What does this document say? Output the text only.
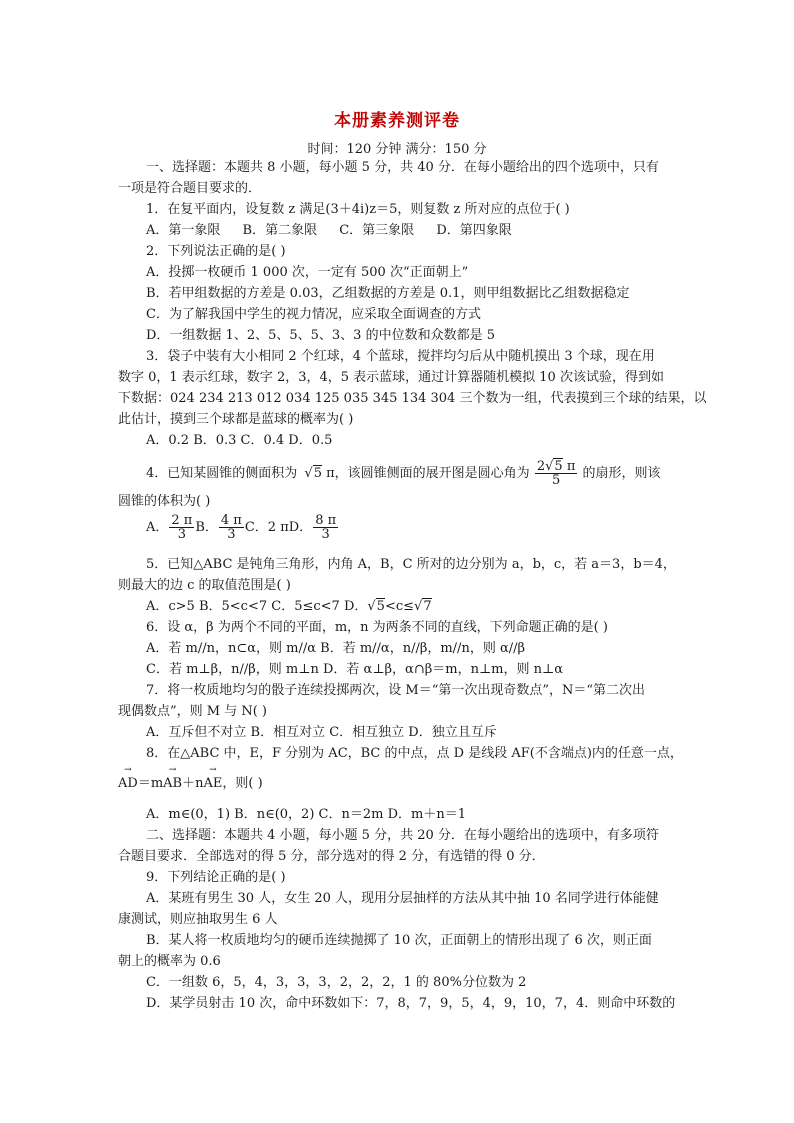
本册素养测评卷
时间：120 分钟 满分：150 分
一、选择题：本题共 8 小题，每小题 5 分，共 40 分．在每小题给出的四个选项中，只有
一项是符合题目要求的．
1．在复平面内，设复数 z 满足(3＋4i)z＝5，则复数 z 所对应的点位于( )
A．第一象限 B．第二象限 C．第三象限 D．第四象限
2．下列说法正确的是( )
A．投掷一枚硬币 1 000 次，一定有 500 次“正面朝上”
B．若甲组数据的方差是 0.03，乙组数据的方差是 0.1，则甲组数据比乙组数据稳定
C．为了解我国中学生的视力情况，应采取全面调查的方式
D．一组数据 1、2、5、5、5、3、3 的中位数和众数都是 5
3．袋子中装有大小相同 2 个红球，4 个蓝球，搅拌均匀后从中随机摸出 3 个球，现在用
数字 0，1 表示红球，数字 2，3，4，5 表示蓝球，通过计算器随机模拟 10 次该试验，得到如
下数据：024 234 213 012 034 125 035 345 134 304 三个数为一组，代表摸到三个球的结果，以
此估计，摸到三个球都是蓝球的概率为( )
A．0.2 B．0.3 C．0.4 D．0.5
4．已知某圆锥的侧面积为 √5 π，该圆锥侧面的展开图是圆心角为 $\frac{2√5 \pi}{5}$ 的扇形，则该
圆锥的体积为( )
A． $\frac{2 \pi}{3}$ B． $\frac{4 \pi}{3}$ C．2 πD． $\frac{8 \pi}{3}$
5．已知△ABC 是钝角三角形，内角 A，B，C 所对的边分别为 a，b，c，若 a＝3，b＝4，
则最大的边 c 的取值范围是( )
A．c>5 B．5<c<7 C．5≤c<7 D．√5<c≤√7
6．设 α，β 为两个不同的平面，m，n 为两条不同的直线，下列命题正确的是( )
A．若 m//n，n⊂α，则 m//α B．若 m//α，n//β，m//n，则 α//β
C．若 m⊥β，n//β，则 m⊥n D．若 α⊥β，α∩β＝m，n⊥m，则 n⊥α
7．将一枚质地均匀的骰子连续投掷两次，设 M＝“第一次出现奇数点”，N＝“第二次出
现偶数点”，则 M 与 N( )
A．互斥但不对立 B．相互对立 C．相互独立 D．独立且互斥
8．在△ABC 中，E，F 分别为 AC，BC 的中点，点 D 是线段 AF(不含端点)内的任意一点，
→ AD＝m→ AB＋n→ AE，则( )
A．m∈(0，1) B．n∈(0，2) C．n＝2m D．m＋n＝1
二、选择题：本题共 4 小题，每小题 5 分，共 20 分．在每小题给出的选项中，有多项符
合题目要求．全部选对的得 5 分，部分选对的得 2 分，有选错的得 0 分．
9．下列结论正确的是( )
A．某班有男生 30 人，女生 20 人，现用分层抽样的方法从其中抽 10 名同学进行体能健
康测试，则应抽取男生 6 人
B．某人将一枚质地均匀的硬币连续抛掷了 10 次，正面朝上的情形出现了 6 次，则正面
朝上的概率为 0.6
C．一组数 6，5，4，3，3，3，2，2，2，1 的 80%分位数为 2
D．某学员射击 10 次，命中环数如下：7，8，7，9，5，4，9，10，7，4．则命中环数的
